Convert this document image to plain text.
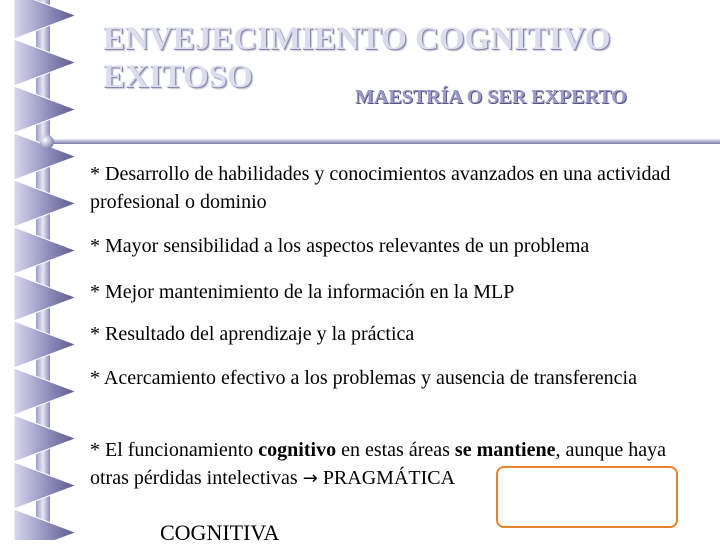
ENVEJECIMIENTO COGNITIVO
EXITOSO
MAESTRÍA O SER EXPERTO
* Desarrollo de habilidades y conocimientos avanzados en una actividad profesional o dominio
* Mayor sensibilidad a los aspectos relevantes de un problema
* Mejor mantenimiento de la información en la MLP
* Resultado del aprendizaje y la práctica
* Acercamiento efectivo a los problemas y ausencia de transferencia
* El funcionamiento cognitivo en estas áreas se mantiene, aunque haya otras pérdidas intelectivas → PRAGMÁTICA
COGNITIVA
